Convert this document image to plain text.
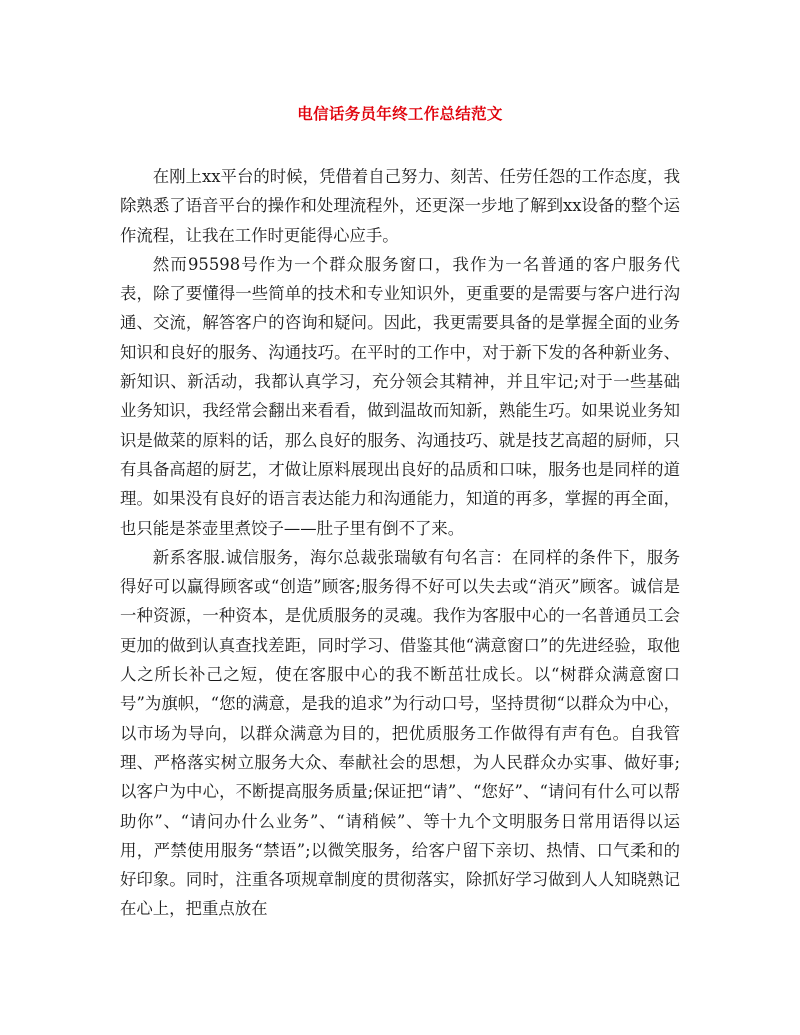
电信话务员年终工作总结范文

在刚上xx平台的时候，凭借着自己努力、刻苦、任劳任怨的工作态度，我除熟悉了语音平台的操作和处理流程外，还更深一步地了解到xx设备的整个运作流程，让我在工作时更能得心应手。

然而95598号作为一个群众服务窗口，我作为一名普通的客户服务代表，除了要懂得一些简单的技术和专业知识外，更重要的是需要与客户进行沟通、交流，解答客户的咨询和疑问。因此，我更需要具备的是掌握全面的业务知识和良好的服务、沟通技巧。在平时的工作中，对于新下发的各种新业务、新知识、新活动，我都认真学习，充分领会其精神，并且牢记;对于一些基础业务知识，我经常会翻出来看看，做到温故而知新，熟能生巧。如果说业务知识是做菜的原料的话，那么良好的服务、沟通技巧、就是技艺高超的厨师，只有具备高超的厨艺，才做让原料展现出良好的品质和口味，服务也是同样的道理。如果没有良好的语言表达能力和沟通能力，知道的再多，掌握的再全面，也只能是茶壶里煮饺子——肚子里有倒不了来。

新系客服.诚信服务，海尔总裁张瑞敏有句名言：在同样的条件下，服务得好可以赢得顾客或“创造”顾客;服务得不好可以失去或“消灭”顾客。诚信是一种资源，一种资本，是优质服务的灵魂。我作为客服中心的一名普通员工会更加的做到认真查找差距，同时学习、借鉴其他“满意窗口”的先进经验，取他人之所长补己之短，使在客服中心的我不断茁壮成长。以“树群众满意窗口号”为旗帜，“您的满意，是我的追求”为行动口号，坚持贯彻“以群众为中心，以市场为导向，以群众满意为目的，把优质服务工作做得有声有色。自我管理、严格落实树立服务大众、奉献社会的思想，为人民群众办实事、做好事;以客户为中心，不断提高服务质量;保证把“请”、“您好”、“请问有什么可以帮助你”、“请问办什么业务”、“请稍候”、等十九个文明服务日常用语得以运用，严禁使用服务“禁语”;以微笑服务，给客户留下亲切、热情、口气柔和的好印象。同时，注重各项规章制度的贯彻落实，除抓好学习做到人人知晓熟记在心上，把重点放在
